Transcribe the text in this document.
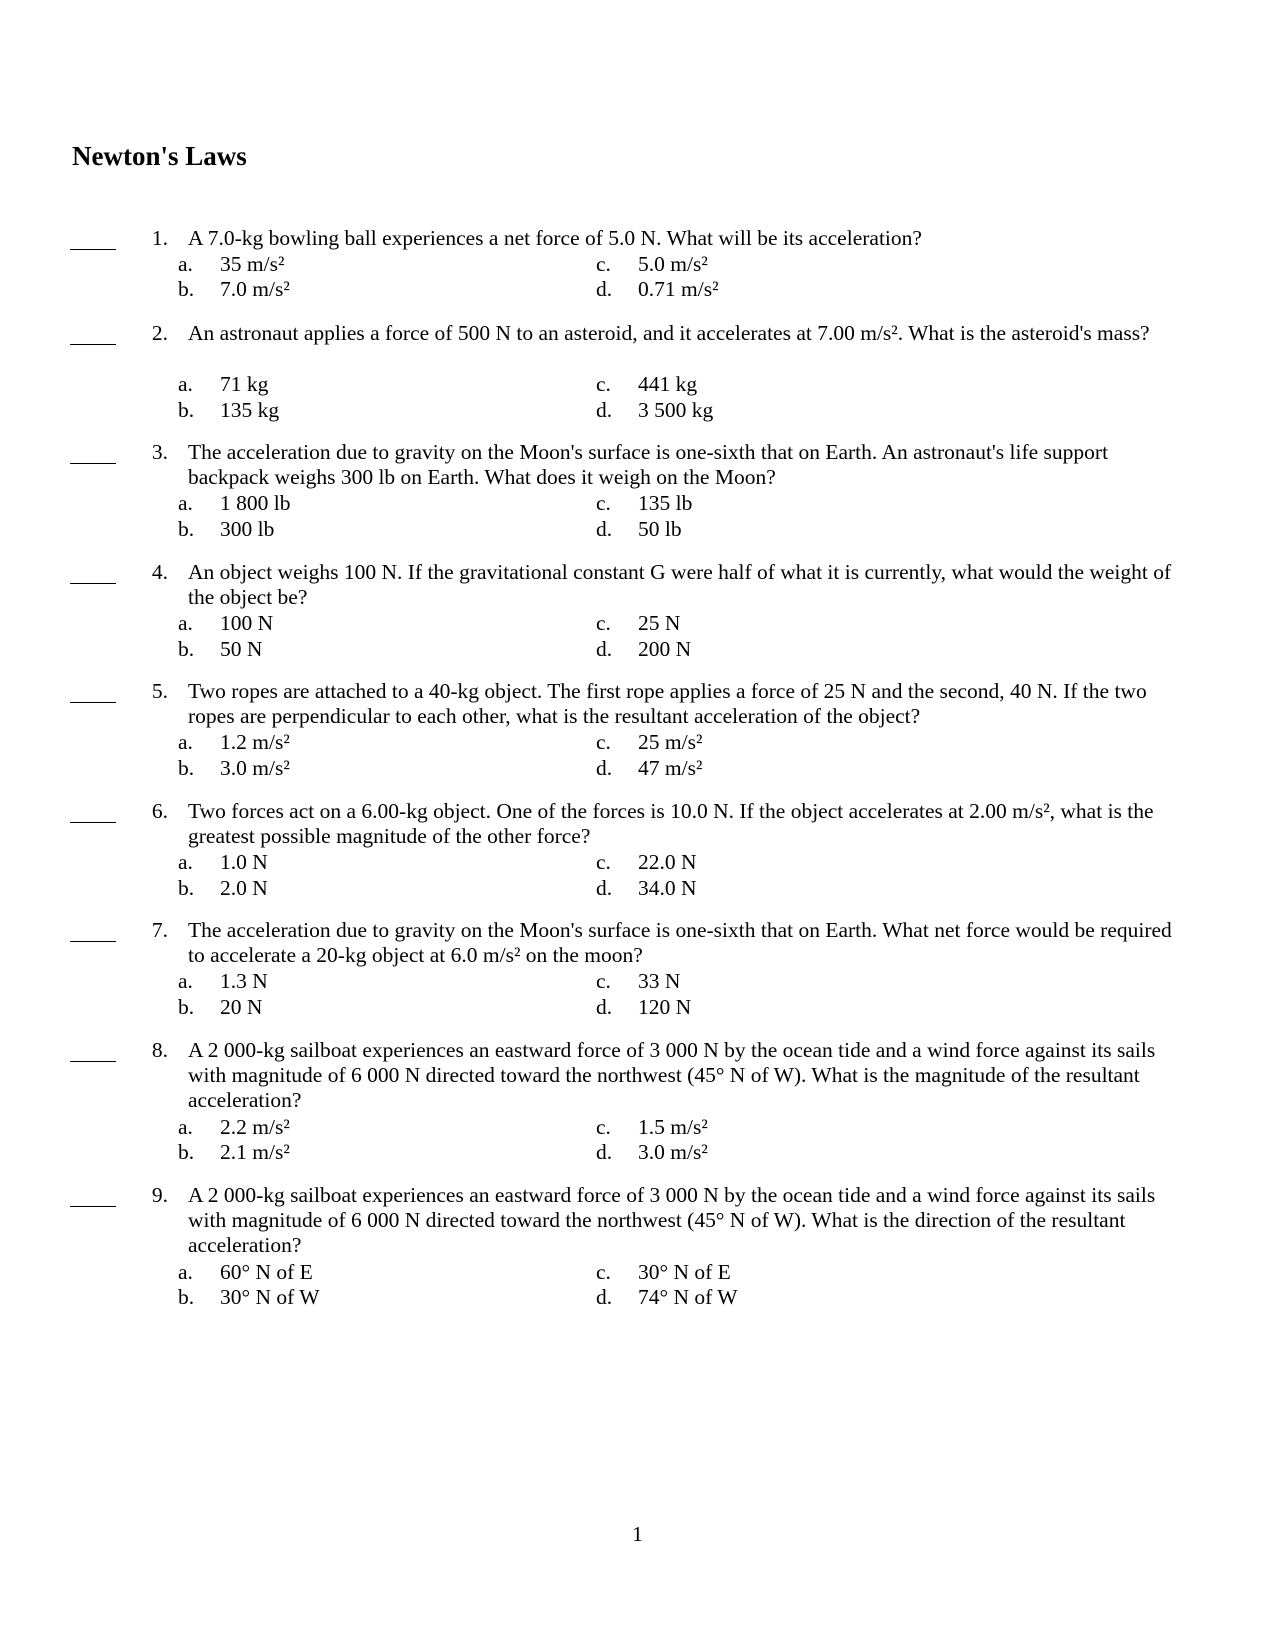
Newton's Laws
1. A 7.0-kg bowling ball experiences a net force of 5.0 N. What will be its acceleration?
a. 35 m/s²
b. 7.0 m/s²
c. 5.0 m/s²
d. 0.71 m/s²
2. An astronaut applies a force of 500 N to an asteroid, and it accelerates at 7.00 m/s². What is the asteroid's mass?
a. 71 kg
b. 135 kg
c. 441 kg
d. 3 500 kg
3. The acceleration due to gravity on the Moon's surface is one-sixth that on Earth. An astronaut's life support backpack weighs 300 lb on Earth. What does it weigh on the Moon?
a. 1 800 lb
b. 300 lb
c. 135 lb
d. 50 lb
4. An object weighs 100 N. If the gravitational constant G were half of what it is currently, what would the weight of the object be?
a. 100 N
b. 50 N
c. 25 N
d. 200 N
5. Two ropes are attached to a 40-kg object. The first rope applies a force of 25 N and the second, 40 N. If the two ropes are perpendicular to each other, what is the resultant acceleration of the object?
a. 1.2 m/s²
b. 3.0 m/s²
c. 25 m/s²
d. 47 m/s²
6. Two forces act on a 6.00-kg object. One of the forces is 10.0 N. If the object accelerates at 2.00 m/s², what is the greatest possible magnitude of the other force?
a. 1.0 N
b. 2.0 N
c. 22.0 N
d. 34.0 N
7. The acceleration due to gravity on the Moon's surface is one-sixth that on Earth. What net force would be required to accelerate a 20-kg object at 6.0 m/s² on the moon?
a. 1.3 N
b. 20 N
c. 33 N
d. 120 N
8. A 2 000-kg sailboat experiences an eastward force of 3 000 N by the ocean tide and a wind force against its sails with magnitude of 6 000 N directed toward the northwest (45° N of W). What is the magnitude of the resultant acceleration?
a. 2.2 m/s²
b. 2.1 m/s²
c. 1.5 m/s²
d. 3.0 m/s²
9. A 2 000-kg sailboat experiences an eastward force of 3 000 N by the ocean tide and a wind force against its sails with magnitude of 6 000 N directed toward the northwest (45° N of W). What is the direction of the resultant acceleration?
a. 60° N of E
b. 30° N of W
c. 30° N of E
d. 74° N of W
1
